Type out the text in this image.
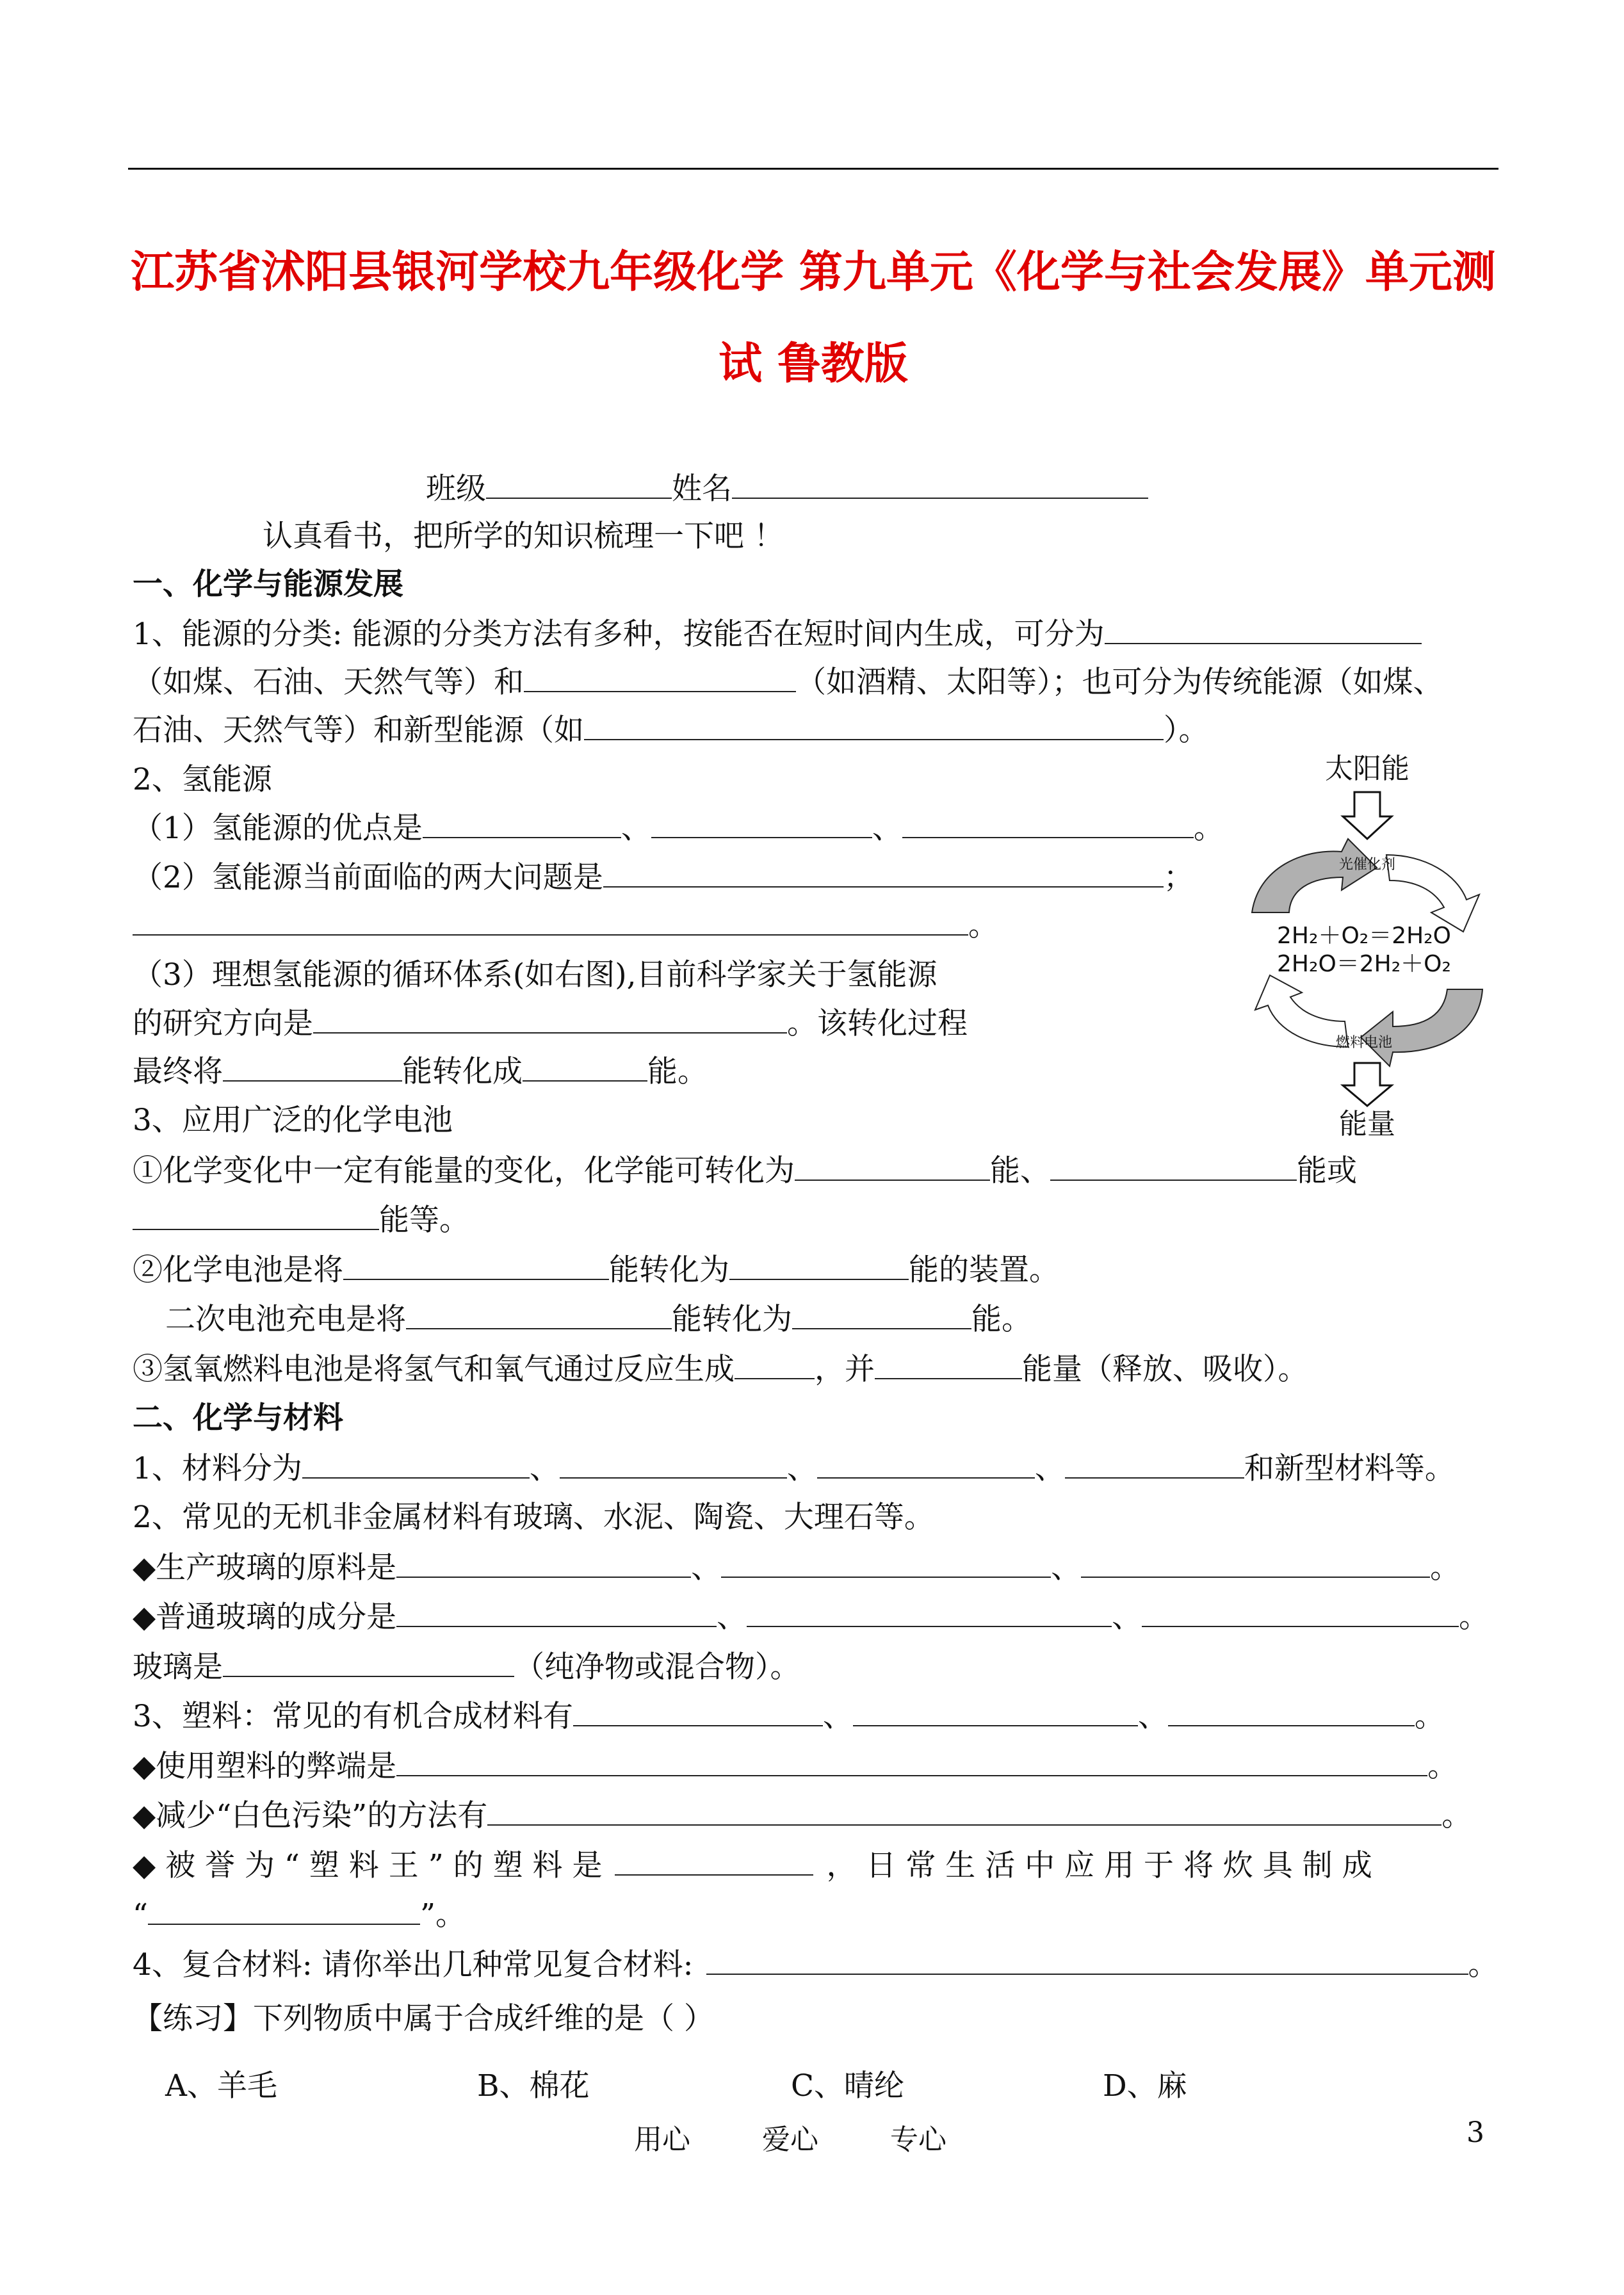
江苏省沭阳县银河学校九年级化学 第九单元《化学与社会发展》单元测
试 鲁教版
班级	姓名
认真看书，把所学的知识梳理一下吧 ！
一、化学与能源发展
1、能源的分类: 能源的分类方法有多种，按能否在短时间内生成，可分为
（如煤、石油、天然气等）和	（如酒精、太阳等）；也可分为传统能源（如煤、
石油、天然气等）和新型能源（如	）。
2、氢能源
（1）氢能源的优点是	、	、	。
（2）氢能源当前面临的两大问题是	；
。
（3）理想氢能源的循环体系(如右图),目前科学家关于氢能源
的研究方向是	。该转化过程
最终将	能转化成	能。
3、应用广泛的化学电池
①化学变化中一定有能量的变化，化学能可转化为	能、	能或
能等。
②化学电池是将	能转化为	能的装置。
二次电池充电是将	能转化为	能。
③氢氧燃料电池是将氢气和氧气通过反应生成	，并	能量（释放、吸收）。
二、化学与材料
1、材料分为	、	、	、	和新型材料等。
2、常见的无机非金属材料有玻璃、水泥、陶瓷、大理石等。
◆生产玻璃的原料是	、	、	。
◆普通玻璃的成分是	、	、	。
玻璃是	（纯净物或混合物）。
3、塑料：常见的有机合成材料有	、	、	。
◆使用塑料的弊端是	。
◆减少“白色污染”的方法有	。
◆ 被 誉 为 “ 塑 料 王 ” 的 塑 料 是	， 日 常 生 活 中 应 用 于 将 炊 具 制 成
“	”。
4、复合材料: 请你举出几种常见复合材料:	。
【练习】下列物质中属于合成纤维的是（ ）
A、羊毛	B、棉花	C、晴纶	D、麻
用心	爱心	专心	3
太阳能
光催化剂
2H₂＋O₂＝2H₂O
2H₂O＝2H₂＋O₂
燃料电池
能量
